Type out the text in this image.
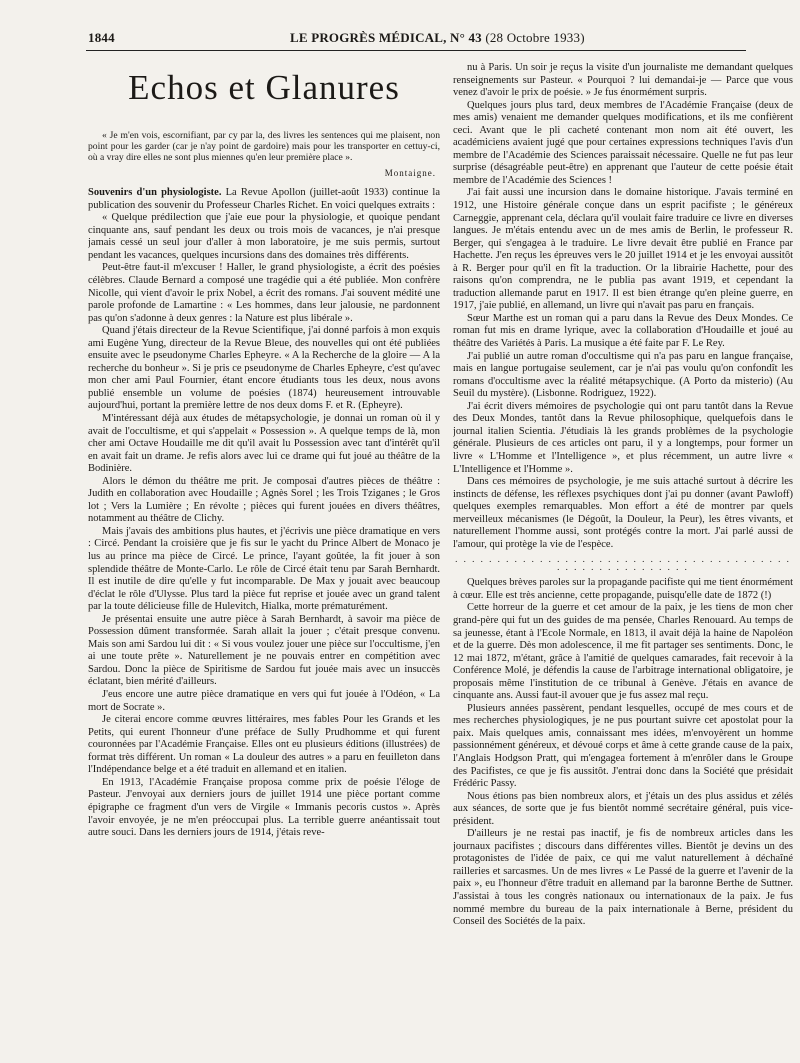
1844	LE PROGRÈS MÉDICAL, N° 43 (28 Octobre 1933)
Echos et Glanures

« Je m'en vois, escornifiant, par cy par la, des livres les sentences qui me plaisent, non point pour les garder (car je n'ay point de gardoire) mais pour les transporter en cettuy-ci, où a vray dire elles ne sont plus miennes qu'en leur première place ».

Montaigne.

Souvenirs d'un physiologiste. La Revue Apollon (juillet-août 1933) continue la publication des souvenir du Professeur Charles Richet. En voici quelques extraits :

« Quelque prédilection que j'aie eue pour la physiologie, et quoique pendant cinquante ans, sauf pendant les deux ou trois mois de vacances, je n'ai presque jamais cessé un seul jour d'aller à mon laboratoire, je me suis permis, surtout pendant les vacances, quelques incursions dans des domaines très différents.

Peut-être faut-il m'excuser ! Haller, le grand physiologiste, a écrit des poésies célèbres. Claude Bernard a composé une tragédie qui a été publiée. Mon confrère Nicolle, qui vient d'avoir le prix Nobel, a écrit des romans. J'ai souvent médité une parole profonde de Lamartine : « Les hommes, dans leur jalousie, ne pardonnent pas qu'on s'adonne à deux genres : la Nature est plus libérale ».

Quand j'étais directeur de la Revue Scientifique, j'ai donné parfois à mon exquis ami Eugène Yung, directeur de la Revue Bleue, des nouvelles qui ont été publiées ensuite avec le pseudonyme Charles Epheyre. « A la Recherche de la gloire — A la recherche du bonheur ». Si je pris ce pseudonyme de Charles Epheyre, c'est qu'avec mon cher ami Paul Fournier, étant encore étudiants tous les deux, nous avons publié ensemble un volume de poésies (1874) heureusement introuvable aujourd'hui, portant la première lettre de nos deux doms F. et R. (Epheyre).

M'intéressant déjà aux études de métapsychologie, je donnai un roman où il y avait de l'occultisme, et qui s'appelait « Possession ». A quelque temps de là, mon cher ami Octave Houdaille me dit qu'il avait lu Possession avec tant d'intérêt qu'il en avait fait un drame. Je refis alors avec lui ce drame qui fut joué au théâtre de la Bodinière.

Alors le démon du théâtre me prit. Je composai d'autres pièces de théâtre : Judith en collaboration avec Houdaille ; Agnès Sorel ; les Trois Tziganes ; le Gros lot ; Vers la Lumière ; En révolte ; pièces qui furent jouées en divers théâtres, notamment au théâtre de Clichy.

Mais j'avais des ambitions plus hautes, et j'écrivis une pièce dramatique en vers : Circé. Pendant la croisière que je fis sur le yacht du Prince Albert de Monaco je lus au prince ma pièce de Circé. Le prince, l'ayant goûtée, la fit jouer à son splendide théâtre de Monte-Carlo. Le rôle de Circé était tenu par Sarah Bernhardt. Il est inutile de dire qu'elle y fut incomparable. De Max y jouait avec beaucoup d'éclat le rôle d'Ulysse. Plus tard la pièce fut reprise et jouée avec un grand talent par la toute délicieuse fille de Hulevitch, Hialka, morte prématurément.

Je présentai ensuite une autre pièce à Sarah Bernhardt, à savoir ma pièce de Possession dûment transformée. Sarah allait la jouer ; c'était presque convenu. Mais son ami Sardou lui dit : « Si vous voulez jouer une pièce sur l'occultisme, j'en ai une toute prête ». Naturellement je ne pouvais entrer en compétition avec Sardou. Donc la pièce de Spiritisme de Sardou fut jouée mais avec un insuccès éclatant, bien mérité d'ailleurs.

J'eus encore une autre pièce dramatique en vers qui fut jouée à l'Odéon, « La mort de Socrate ».

Je citerai encore comme œuvres littéraires, mes fables Pour les Grands et les Petits, qui eurent l'honneur d'une préface de Sully Prudhomme et qui furent couronnées par l'Académie Française. Elles ont eu plusieurs éditions (illustrées) de format très différent. Un roman « La douleur des autres » a paru en feuilleton dans l'Indépendance belge et a été traduit en allemand et en italien.

En 1913, l'Académie Française proposa comme prix de poésie l'éloge de Pasteur. J'envoyai aux derniers jours de juillet 1914 une pièce portant comme épigraphe ce fragment d'un vers de Virgile « Immanis pecoris custos ». Après l'avoir envoyée, je ne m'en préoccupai plus. La terrible guerre anéantissait tout autre souci. Dans les derniers jours de 1914, j'étais reve-

nu à Paris. Un soir je reçus la visite d'un journaliste me demandant quelques renseignements sur Pasteur. « Pourquoi ? lui demandai-je — Parce que vous venez d'avoir le prix de poésie. » Je fus énormément surpris.

Quelques jours plus tard, deux membres de l'Académie Française (deux de mes amis) venaient me demander quelques modifications, et ils me confièrent ceci. Avant que le pli cacheté contenant mon nom ait été ouvert, les académiciens avaient jugé que pour certaines expressions techniques l'avis d'un membre de l'Académie des Sciences paraissait nécessaire. Quelle ne fut pas leur surprise (désagréable peut-être) en apprenant que l'auteur de cette poésie était membre de l'Académie des Sciences !

J'ai fait aussi une incursion dans le domaine historique. J'avais terminé en 1912, une Histoire générale conçue dans un esprit pacifiste ; le généreux Carneggie, apprenant cela, déclara qu'il voulait faire traduire ce livre en diverses langues. Je m'étais entendu avec un de mes amis de Berlin, le professeur R. Berger, qui s'engagea à le traduire. Le livre devait être publié en France par Hachette. J'en reçus les épreuves vers le 20 juillet 1914 et je les envoyai aussitôt à R. Berger pour qu'il en fît la traduction. Or la librairie Hachette, pour des raisons qu'on comprendra, ne le publia pas avant 1919, et cependant la traduction allemande parut en 1917. Il est bien étrange qu'en pleine guerre, en 1917, j'aie publié, en allemand, un livre qui n'avait pas paru en français.

Sœur Marthe est un roman qui a paru dans la Revue des Deux Mondes. Ce roman fut mis en drame lyrique, avec la collaboration d'Houdaille et joué au théâtre des Variétés à Paris. La musique a été faite par F. Le Rey.

J'ai publié un autre roman d'occultisme qui n'a pas paru en langue française, mais en langue portugaise seulement, car je n'ai pas voulu qu'on confondît les romans d'occultisme avec la réalité métapsychique. (A Porto da misterio) (Au Seuil du mystère). (Lisbonne. Rodriguez, 1922).

J'ai écrit divers mémoires de psychologie qui ont paru tantôt dans la Revue des Deux Mondes, tantôt dans la Revue philosophique, quelquefois dans le journal italien Scientia. J'étudiais là les grands problèmes de la psychologie générale. Plusieurs de ces articles ont paru, il y a longtemps, pour former un livre « L'Homme et l'Intelligence », et plus récemment, un autre livre « L'Intelligence et l'Homme ».

Dans ces mémoires de psychologie, je me suis attaché surtout à décrire les instincts de défense, les réflexes psychiques dont j'ai pu donner (avant Pawloff) quelques exemples remarquables. Mon effort a été de montrer par quels merveilleux mécanismes (le Dégoût, la Douleur, la Peur), les êtres vivants, et naturellement l'homme aussi, sont protégés contre la mort. J'ai parlé aussi de l'amour, qui protège la vie de l'espèce.

. . . . . . . . . . . . . . . . . . . . . . . . . . . . . . . . . . . . . . . . . . . . . . . . . . . . . . . .

Quelques brèves paroles sur la propagande pacifiste qui me tient énormément à cœur. Elle est très ancienne, cette propagande, puisqu'elle date de 1872 (!)

Cette horreur de la guerre et cet amour de la paix, je les tiens de mon cher grand-père qui fut un des guides de ma pensée, Charles Renouard. Au temps de sa jeunesse, étant à l'Ecole Normale, en 1813, il avait déjà la haine de Napoléon et de la guerre. Dès mon adolescence, il me fit partager ses sentiments. Donc, le 12 mai 1872, m'étant, grâce à l'amitié de quelques camarades, fait recevoir à la Conférence Molé, je défendis la cause de l'arbitrage international obligatoire, je proposais même l'institution de ce tribunal à Genève. J'étais en avance de cinquante ans. Aussi faut-il avouer que je fus assez mal reçu.

Plusieurs années passèrent, pendant lesquelles, occupé de mes cours et de mes recherches physiologiques, je ne pus pourtant suivre cet apostolat pour la paix. Mais quelques amis, connaissant mes idées, m'envoyèrent un homme passionnément généreux, et dévoué corps et âme à cette grande cause de la paix, l'Anglais Hodgson Pratt, qui m'engagea fortement à m'enrôler dans le Groupe des Pacifistes, ce que je fis aussitôt. J'entrai donc dans la Société que présidait Frédéric Passy.

Nous étions pas bien nombreux alors, et j'étais un des plus assidus et zélés aux séances, de sorte que je fus bientôt nommé secrétaire général, puis vice-président.

D'ailleurs je ne restai pas inactif, je fis de nombreux articles dans les journaux pacifistes ; discours dans différentes villes. Bientôt je devins un des protagonistes de l'idée de paix, ce qui me valut naturellement à déchaîné railleries et sarcasmes. Un de mes livres « Le Passé de la guerre et l'avenir de la paix », eu l'honneur d'être traduit en allemand par la baronne Berthe de Suttner. J'assistai à tous les congrès nationaux ou internationaux de la paix. Je fus nommé membre du bureau de la paix internationale à Berne, président du Conseil des Sociétés de la paix.
